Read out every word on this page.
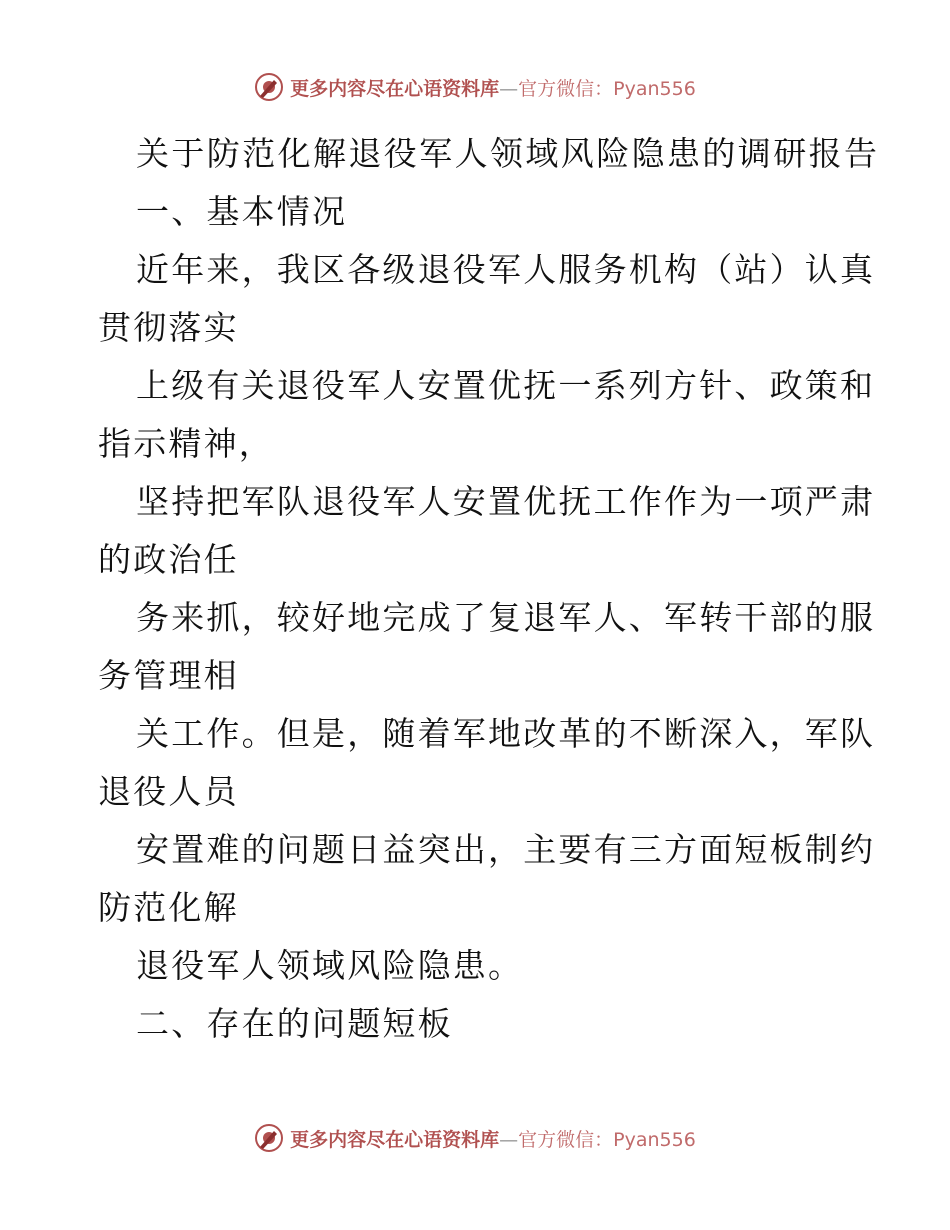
更多内容尽在心语资料库—官方微信：Pyan556

关于防范化解退役军人领域风险隐患的调研报告

一、基本情况

近年来，我区各级退役军人服务机构（站）认真
贯彻落实

上级有关退役军人安置优抚一系列方针、政策和
指示精神，

坚持把军队退役军人安置优抚工作作为一项严肃
的政治任

务来抓，较好地完成了复退军人、军转干部的服
务管理相

关工作。但是，随着军地改革的不断深入，军队
退役人员

安置难的问题日益突出，主要有三方面短板制约
防范化解

退役军人领域风险隐患。

二、存在的问题短板

更多内容尽在心语资料库—官方微信：Pyan556
